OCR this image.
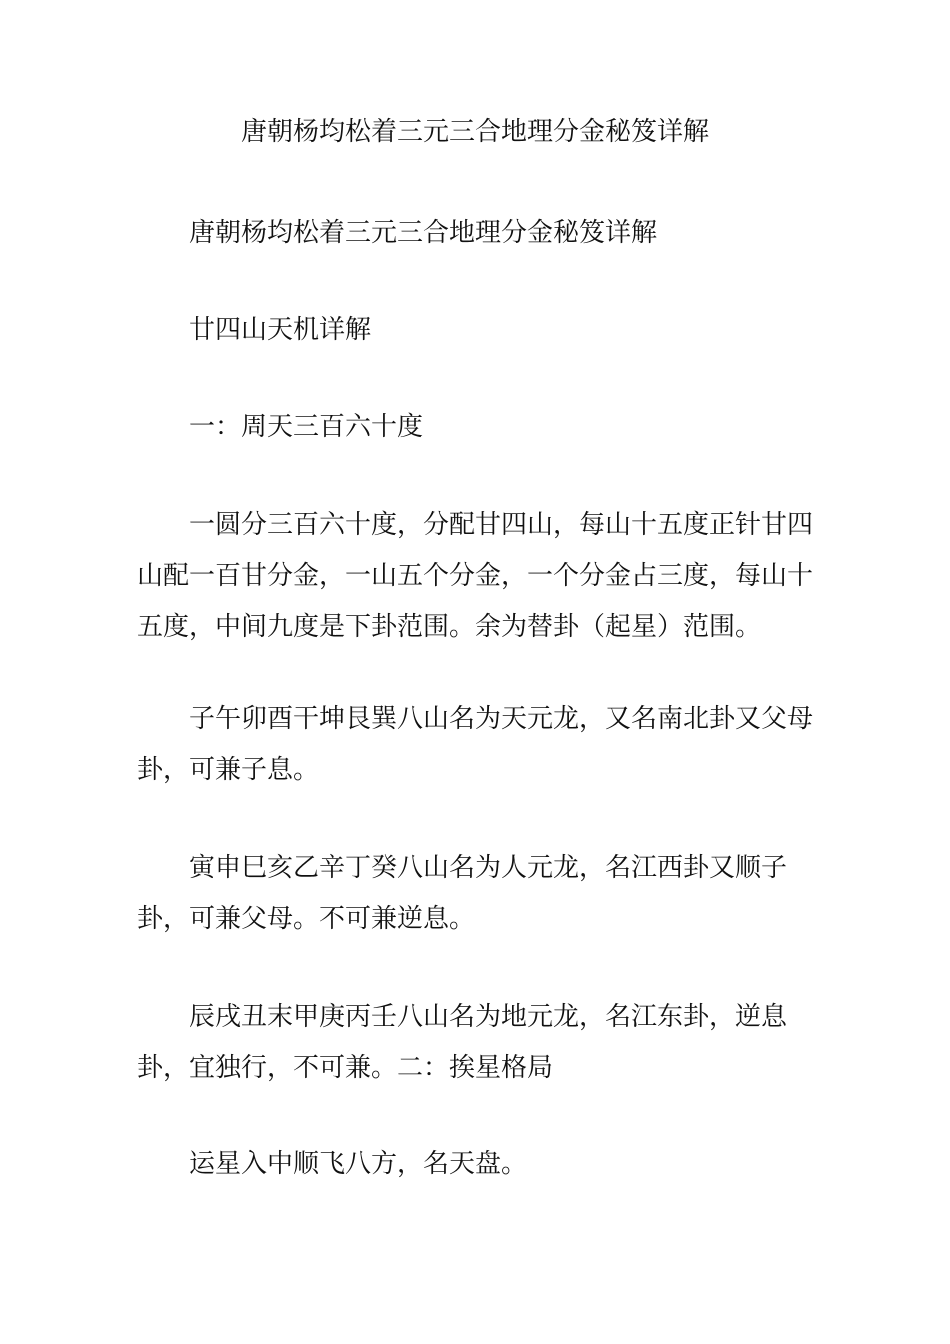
唐朝杨均松着三元三合地理分金秘笈详解

唐朝杨均松着三元三合地理分金秘笈详解

廿四山天机详解

一：周天三百六十度

一圆分三百六十度，分配甘四山，每山十五度正针甘四山配一百甘分金，一山五个分金，一个分金占三度，每山十五度，中间九度是下卦范围。余为替卦（起星）范围。

子午卯酉干坤艮巽八山名为天元龙，又名南北卦又父母卦，可兼子息。

寅申巳亥乙辛丁癸八山名为人元龙，名江西卦又顺子卦，可兼父母。不可兼逆息。

辰戌丑末甲庚丙壬八山名为地元龙，名江东卦，逆息卦，宜独行，不可兼。二：挨星格局

运星入中顺飞八方，名天盘。
